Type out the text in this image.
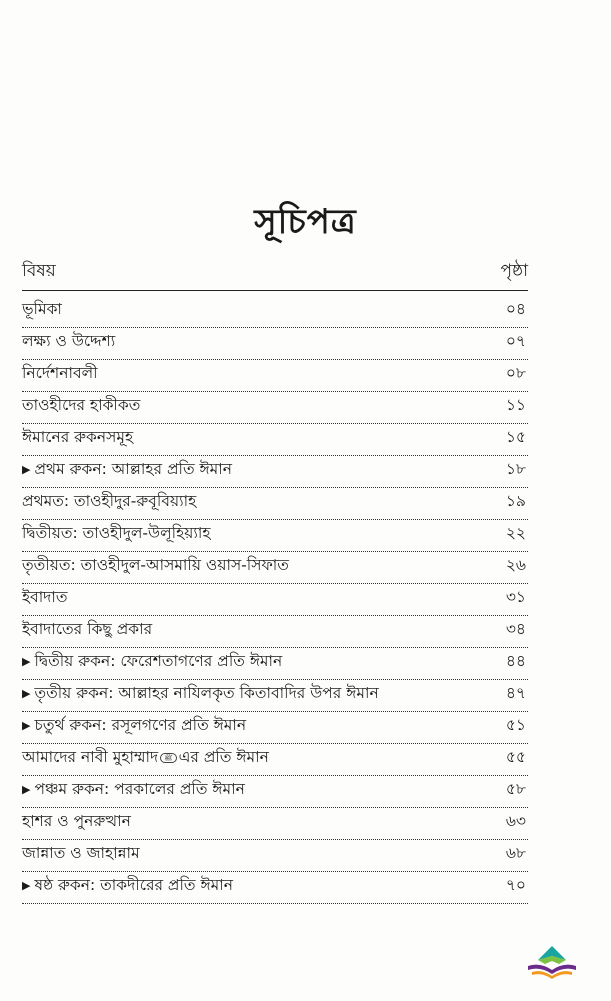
সূচিপত্র
বিষয়	পৃষ্ঠা
ভূমিকা	০৪
লক্ষ্য ও উদ্দেশ্য	০৭
নির্দেশনাবলী	০৮
তাওহীদের হাকীকত	১১
ঈমানের রুকনসমূহ	১৫
▶ প্রথম রুকন: আল্লাহর প্রতি ঈমান	১৮
প্রথমত: তাওহীদুর-রুবূবিয়্যাহ	১৯
দ্বিতীয়ত: তাওহীদুল-উলূহিয়্যাহ	২২
তৃতীয়ত: তাওহীদুল-আসমায়ি ওয়াস-সিফাত	২৬
ইবাদাত	৩১
ইবাদাতের কিছু প্রকার	৩৪
▶ দ্বিতীয় রুকন: ফেরেশতাগণের প্রতি ঈমান	৪৪
▶ তৃতীয় রুকন: আল্লাহর নাযিলকৃত কিতাবাদির উপর ঈমান	৪৭
▶ চতুর্থ রুকন: রসূলগণের প্রতি ঈমান	৫১
আমাদের নাবী মুহাম্মাদ ﷺ এর প্রতি ঈমান	৫৫
▶ পঞ্চম রুকন: পরকালের প্রতি ঈমান	৫৮
হাশর ও পুনরুত্থান	৬৩
জান্নাত ও জাহান্নাম	৬৮
▶ ষষ্ঠ রুকন: তাকদীরের প্রতি ঈমান	৭০
